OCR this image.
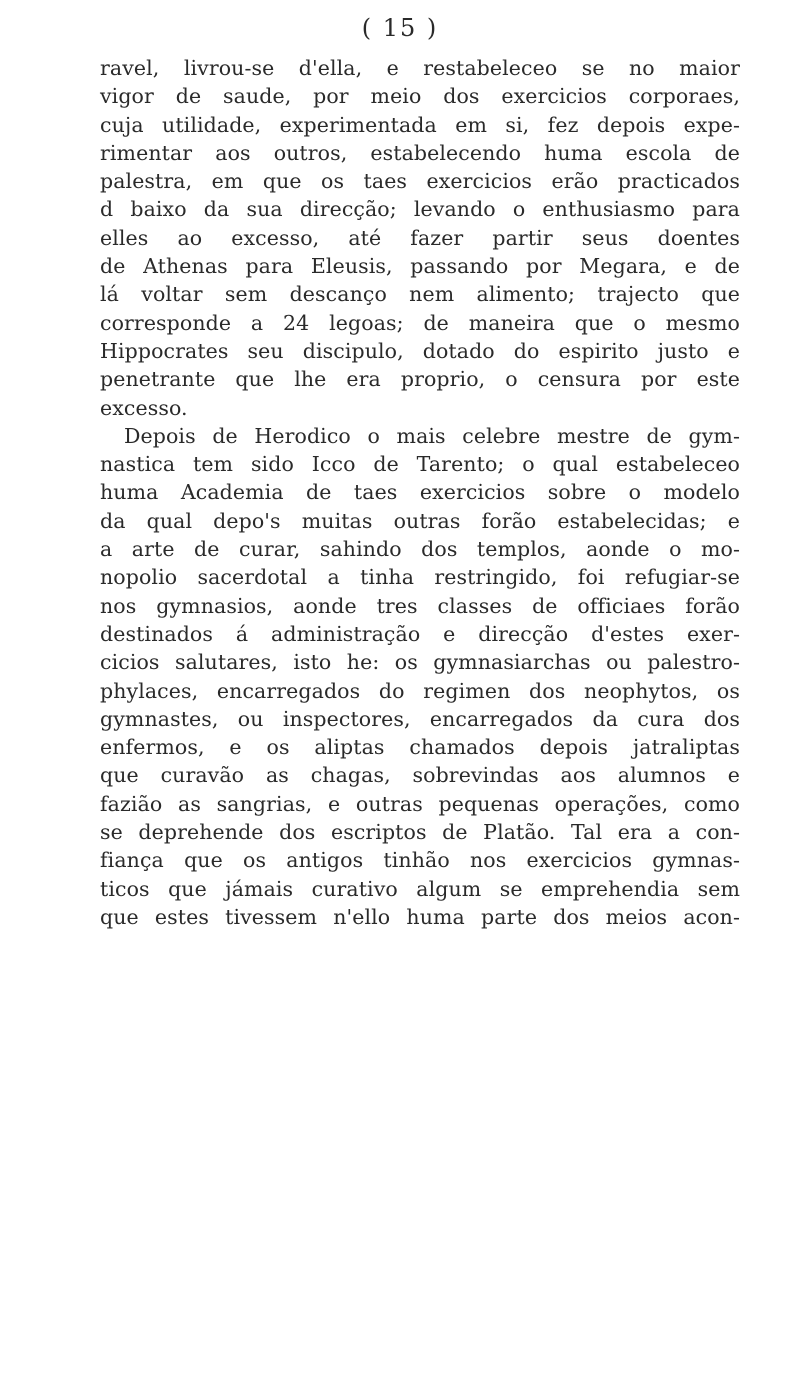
( 15 )
ravel, livrou-se d'ella, e restabeleceo se no maior
vigor de saude, por meio dos exercicios corporaes,
cuja utilidade, experimentada em si, fez depois expe-
rimentar aos outros, estabelecendo huma escola de
palestra, em que os taes exercicios erão practicados
d baixo da sua direcção; levando o enthusiasmo para
elles ao excesso, até fazer partir seus doentes
de Athenas para Eleusis, passando por Megara, e de
lá voltar sem descanço nem alimento; trajecto que
corresponde a 24 legoas; de maneira que o mesmo
Hippocrates seu discipulo, dotado do espirito justo e
penetrante que lhe era proprio, o censura por este
excesso.
Depois de Herodico o mais celebre mestre de gym-
nastica tem sido Icco de Tarento; o qual estabeleceo
huma Academia de taes exercicios sobre o modelo
da qual depo's muitas outras forão estabelecidas; e
a arte de curar, sahindo dos templos, aonde o mo-
nopolio sacerdotal a tinha restringido, foi refugiar-se
nos gymnasios, aonde tres classes de officiaes forão
destinados á administração e direcção d'estes exer-
cicios salutares, isto he: os gymnasiarchas ou palestro-
phylaces, encarregados do regimen dos neophytos, os
gymnastes, ou inspectores, encarregados da cura dos
enfermos, e os aliptas chamados depois jatraliptas
que curavão as chagas, sobrevindas aos alumnos e
fazião as sangrias, e outras pequenas operações, como
se deprehende dos escriptos de Platão. Tal era a con-
fiança que os antigos tinhão nos exercicios gymnas-
ticos que jámais curativo algum se emprehendia sem
que estes tivessem n'ello huma parte dos meios acon-
